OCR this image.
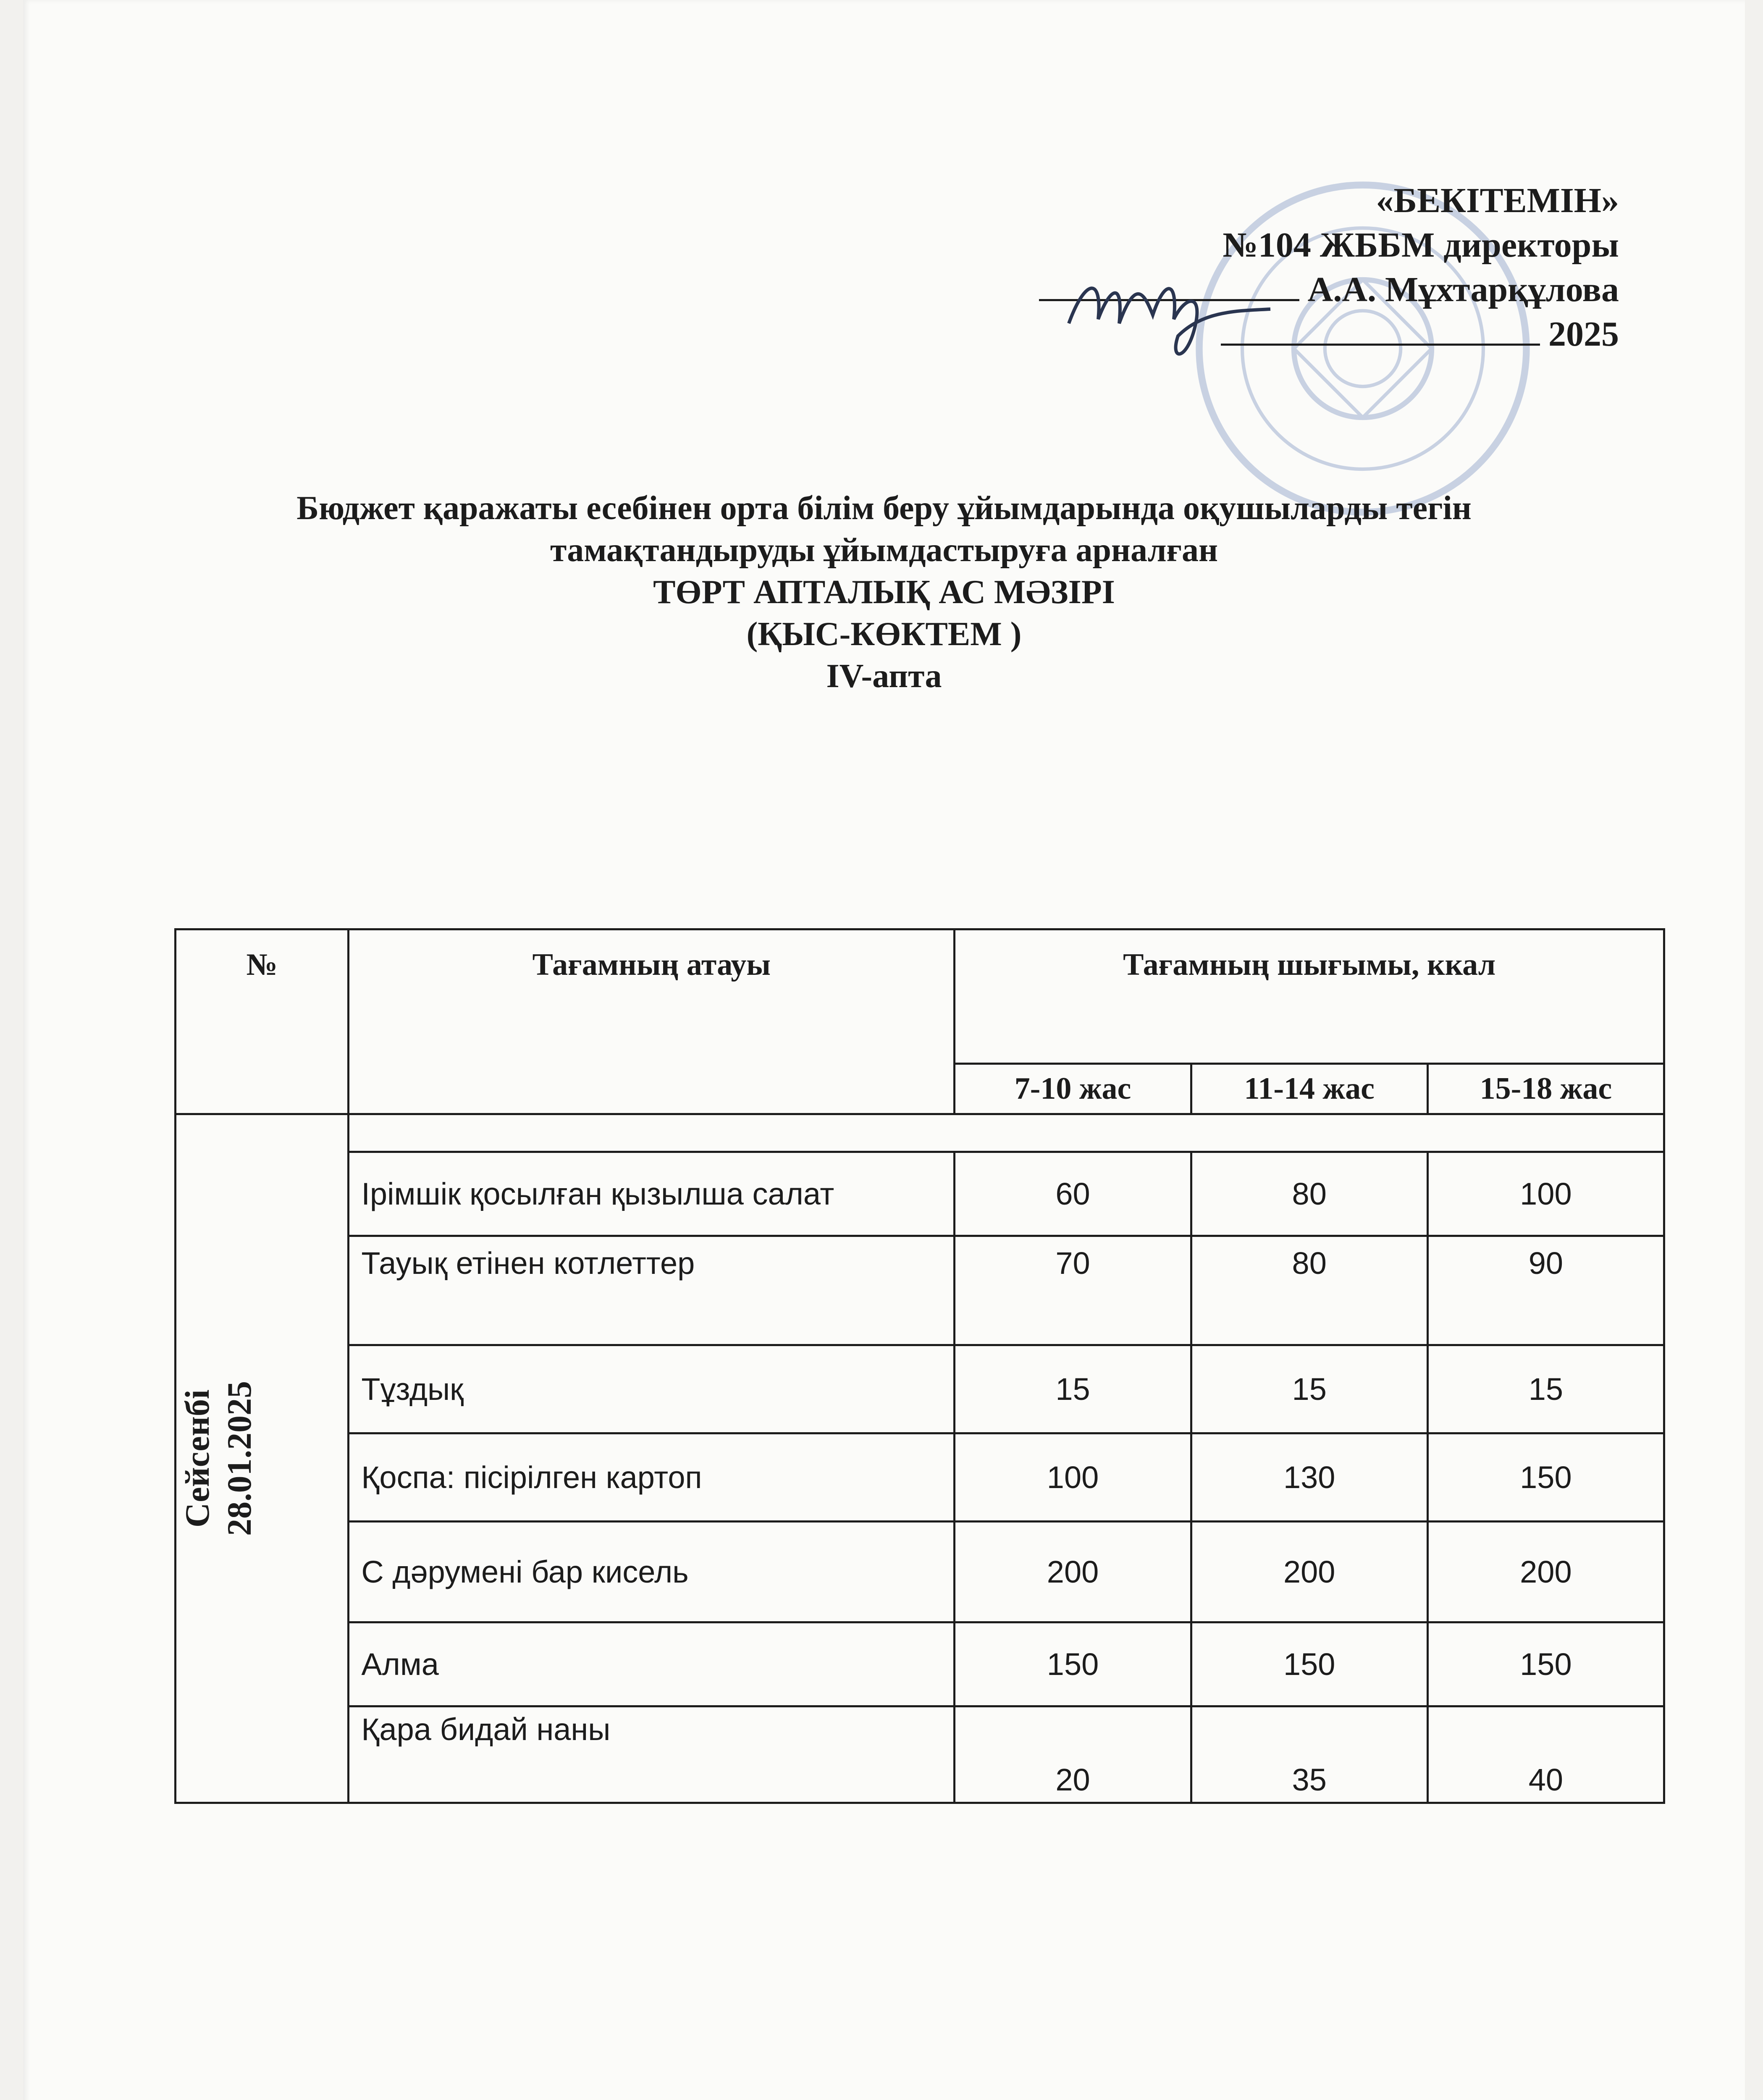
«БЕКІТЕМІН»
№104 ЖББМ директоры
А.А. Мұхтарқұлова
2025
Бюджет қаражаты есебінен орта білім беру ұйымдарында оқушыларды тегін
тамақтандыруды ұйымдастыруға арналған
ТӨРТ АПТАЛЫҚ АС МӘЗІРІ
(ҚЫС-КӨКТЕМ )
IV-апта
№	Тағамның атауы	Тағамның шығымы, ккал		
		7-10 жас	11-14 жас	15-18 жас

Сейсенбі 28.01.2025				

	Ірімшік қосылған қызылша салат	60	80	100
	Тауық етінен котлеттер	70	80	90
	Тұздық	15	15	15
	Қоспа: пісірілген картоп	100	130	150
	С дәрумені бар кисель	200	200	200
	Алма	150	150	150
	Қара бидай наны	20	35	40
